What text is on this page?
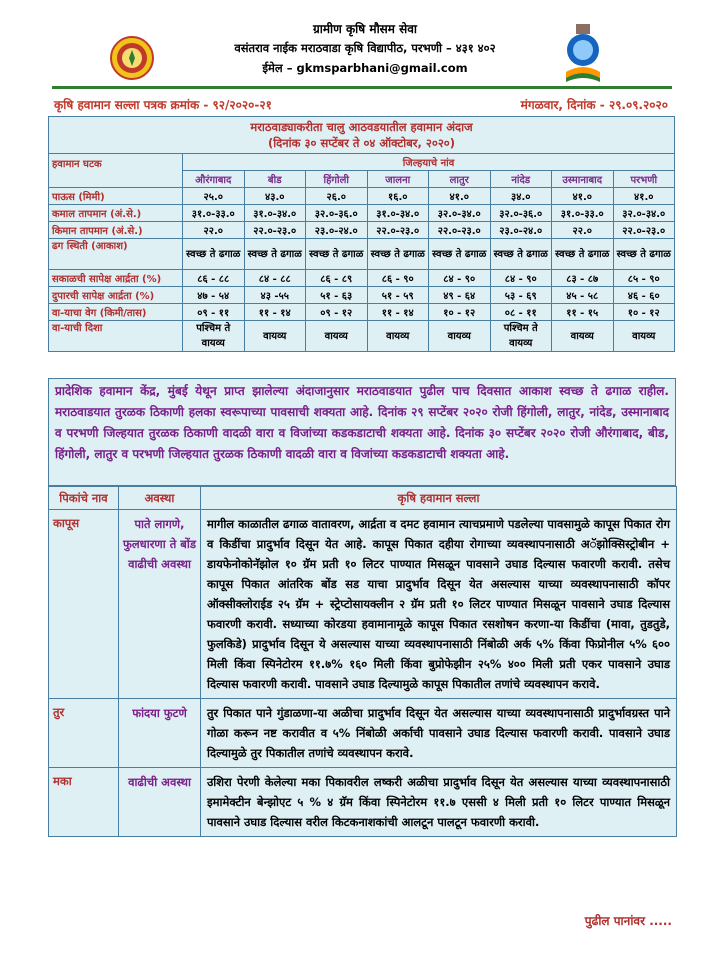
ग्रामीण कृषि मौसम सेवा
वसंतराव नाईक मराठवाडा कृषि विद्यापीठ, परभणी – ४३१ ४०२
ईमेल – gkmsparbhani@gmail.com
कृषि हवामान सल्ला पत्रक क्रमांक - ९२/२०२०-२१	मंगळवार, दिनांक - २९.०९.२०२०
मराठवाड्याकरीता चालु आठवडयातील हवामान अंदाज
(दिनांक ३० सप्टेंबर ते ०४ ऑक्टोबर, २०२०)								

हवामान घटक	जिल्हयाचे नांव							
	औरंगाबाद	बीड	हिंगोली	जालना	लातुर	नांदेड	उस्मानाबाद	परभणी
पाऊस (मिमी)	२५.०	४३.०	२६.०	१६.०	४१.०	३४.०	४१.०	४१.०
कमाल तापमान (अं.से.)	३१.०-३३.०	३१.०-३४.०	३२.०-३६.०	३१.०-३४.०	३२.०-३४.०	३२.०-३६.०	३१.०-३३.०	३२.०-३४.०
किमान तापमान (अं.से.)	२२.०	२२.०-२३.०	२३.०-२४.०	२२.०-२३.०	२२.०-२३.०	२३.०-२४.०	२२.०	२२.०-२३.०
ढग स्थिती (आकाश)	स्वच्छ ते ढगाळ	स्वच्छ ते ढगाळ	स्वच्छ ते ढगाळ	स्वच्छ ते ढगाळ	स्वच्छ ते ढगाळ	स्वच्छ ते ढगाळ	स्वच्छ ते ढगाळ	स्वच्छ ते ढगाळ
सकाळची सापेक्ष आर्द्रता (%)	८६ - ८८	८४ - ८८	८६ - ८९	८६ - ९०	८४ - ९०	८४ - ९०	८३ - ८७	८५ - ९०
दुपारची सापेक्ष आर्द्रता (%)	४७ - ५४	४३ -५५	५१ - ६३	५१ - ५९	४९ - ६४	५३ - ६९	४५ - ५८	४६ - ६०
वा-याचा वेग (किमी/तास)	०९ - ११	११ - १४	०९ - १२	११ - १४	१० - १२	०८ - ११	११ - १५	१० - १२
वा-याची दिशा	पश्चिम ते वायव्य	वायव्य	वायव्य	वायव्य	वायव्य	पश्चिम ते वायव्य	वायव्य	वायव्य
प्रादेशिक हवामान केंद्र, मुंबई येथून प्राप्त झालेल्या अंदाजानुसार मराठवाडयात पुढील पाच दिवसात आकाश स्वच्छ ते ढगाळ राहील. मराठवाडयात तुरळक ठिकाणी हलका स्वरूपाच्या पावसाची शक्यता आहे. दिनांक २९ सप्टेंबर २०२० रोजी हिंगोली, लातुर, नांदेड, उस्मानाबाद व परभणी जिल्हयात तुरळक ठिकाणी वादळी वारा व विजांच्या कडकडाटाची शक्यता आहे. दिनांक ३० सप्टेंबर २०२० रोजी औरंगाबाद, बीड, हिंगोली, लातुर व परभणी जिल्हयात तुरळक ठिकाणी वादळी वारा व विजांच्या कडकडाटाची शक्यता आहे.
पिकांचे नाव	अवस्था	कृषि हवामान सल्ला
कापूस	पाते लागणे, फुलधारणा ते बोंड वाढीची अवस्था	मागील काळातील ढगाळ वातावरण, आर्द्रता व दमट हवामान त्याचप्रमाणे पडलेल्या पावसामुळे कापूस पिकात रोग व किडींचा प्रादुर्भाव दिसून येत आहे. कापूस पिकात दहीया रोगाच्या व्यवस्थापनासाठी अॅझोक्सिस्ट्रोबीन + डायफेनोकोनॅझोल १० ग्रॅम प्रती १० लिटर पाण्यात मिसळून पावसाने उघाड दिल्यास फवारणी करावी. तसेच कापूस पिकात आंतरिक बोंड सड याचा प्रादुर्भाव दिसून येत असल्यास याच्या व्यवस्थापनासाठी कॉपर ऑक्सीक्लोराईड २५ ग्रॅम + स्ट्रेप्टोसायक्लीन २ ग्रॅम प्रती १० लिटर पाण्यात मिसळून पावसाने उघाड दिल्यास फवारणी करावी. सध्याच्या कोरडया हवामानामूळे कापूस पिकात रसशोषन करणा-या किडींचा (मावा, तुडतुडे, फुलकिडे) प्रादुर्भाव दिसून ये असल्यास याच्या व्यवस्थापनासाठी निंबोळी अर्क ५% किंवा फिप्रोनील ५% ६०० मिली किंवा स्पिनेटोरम ११.७% १६० मिली किंवा बुप्रोफेझीन २५% ४०० मिली प्रती एकर पावसाने उघाड दिल्यास फवारणी करावी. पावसाने उघाड दिल्यामुळे कापूस पिकातील तणांचे व्यवस्थापन करावे.
तुर	फांदया फुटणे	तुर पिकात पाने गुंडाळणा-या अळीचा प्रादुर्भाव दिसून येत असल्यास याच्या व्यवस्थापनासाठी प्रादुर्भावग्रस्त पाने गोळा करून नष्ट करावीत व ५% निंबोळी अर्काची पावसाने उघाड दिल्यास फवारणी करावी. पावसाने उघाड दिल्यामुळे तुर पिकातील तणांचे व्यवस्थापन करावे.
मका	वाढीची अवस्था	उशिरा पेरणी केलेल्या मका पिकावरील लष्करी अळीचा प्रादुर्भाव दिसून येत असल्यास याच्या व्यवस्थापनासाठी इमामेक्टीन बेन्झोएट ५ % ४ ग्रॅम किंवा स्पिनेटोरम ११.७ एससी ४ मिली प्रती १० लिटर पाण्यात मिसळून पावसाने उघाड दिल्यास वरील किटकनाशकांची आलटून पालटून फवारणी करावी.
पुढील पानांवर .....
